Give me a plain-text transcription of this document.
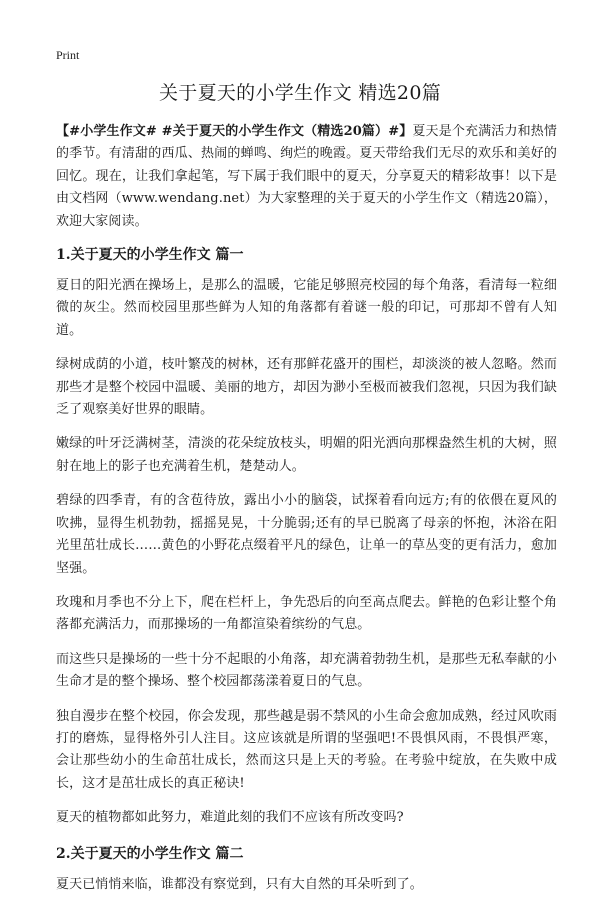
Print
关于夏天的小学生作文 精选20篇

【#小学生作文# #关于夏天的小学生作文（精选20篇）#】夏天是个充满活力和热情的季节。有清甜的西瓜、热闹的蝉鸣、绚烂的晚霞。夏天带给我们无尽的欢乐和美好的回忆。现在，让我们拿起笔，写下属于我们眼中的夏天，分享夏天的精彩故事！以下是由文档网（www.wendang.net）为大家整理的关于夏天的小学生作文（精选20篇），欢迎大家阅读。

1.关于夏天的小学生作文 篇一

夏日的阳光洒在操场上，是那么的温暖，它能足够照亮校园的每个角落，看清每一粒细微的灰尘。然而校园里那些鲜为人知的角落都有着谜一般的印记，可那却不曾有人知道。

绿树成荫的小道，枝叶繁茂的树林，还有那鲜花盛开的围栏，却淡淡的被人忽略。然而那些才是整个校园中温暖、美丽的地方，却因为渺小至极而被我们忽视，只因为我们缺乏了观察美好世界的眼睛。

嫩绿的叶牙泛满树茎，清淡的花朵绽放枝头，明媚的阳光洒向那棵盎然生机的大树，照射在地上的影子也充满着生机，楚楚动人。

碧绿的四季青，有的含苞待放，露出小小的脑袋，试探着看向远方;有的依偎在夏风的吹拂，显得生机勃勃，摇摇晃晃，十分脆弱;还有的早已脱离了母亲的怀抱，沐浴在阳光里茁壮成长……黄色的小野花点缀着平凡的绿色，让单一的草丛变的更有活力，愈加坚强。

玫瑰和月季也不分上下，爬在栏杆上，争先恐后的向至高点爬去。鲜艳的色彩让整个角落都充满活力，而那操场的一角都渲染着缤纷的气息。

而这些只是操场的一些十分不起眼的小角落，却充满着勃勃生机，是那些无私奉献的小生命才是的整个操场、整个校园都荡漾着夏日的气息。

独自漫步在整个校园，你会发现，那些越是弱不禁风的小生命会愈加成熟，经过风吹雨打的磨炼，显得格外引人注目。这应该就是所谓的坚强吧!不畏惧风雨，不畏惧严寒，会让那些幼小的生命茁壮成长，然而这只是上天的考验。在考验中绽放，在失败中成长，这才是茁壮成长的真正秘诀!

夏天的植物都如此努力，难道此刻的我们不应该有所改变吗?

2.关于夏天的小学生作文 篇二

夏天已悄悄来临，谁都没有察觉到，只有大自然的耳朵听到了。
